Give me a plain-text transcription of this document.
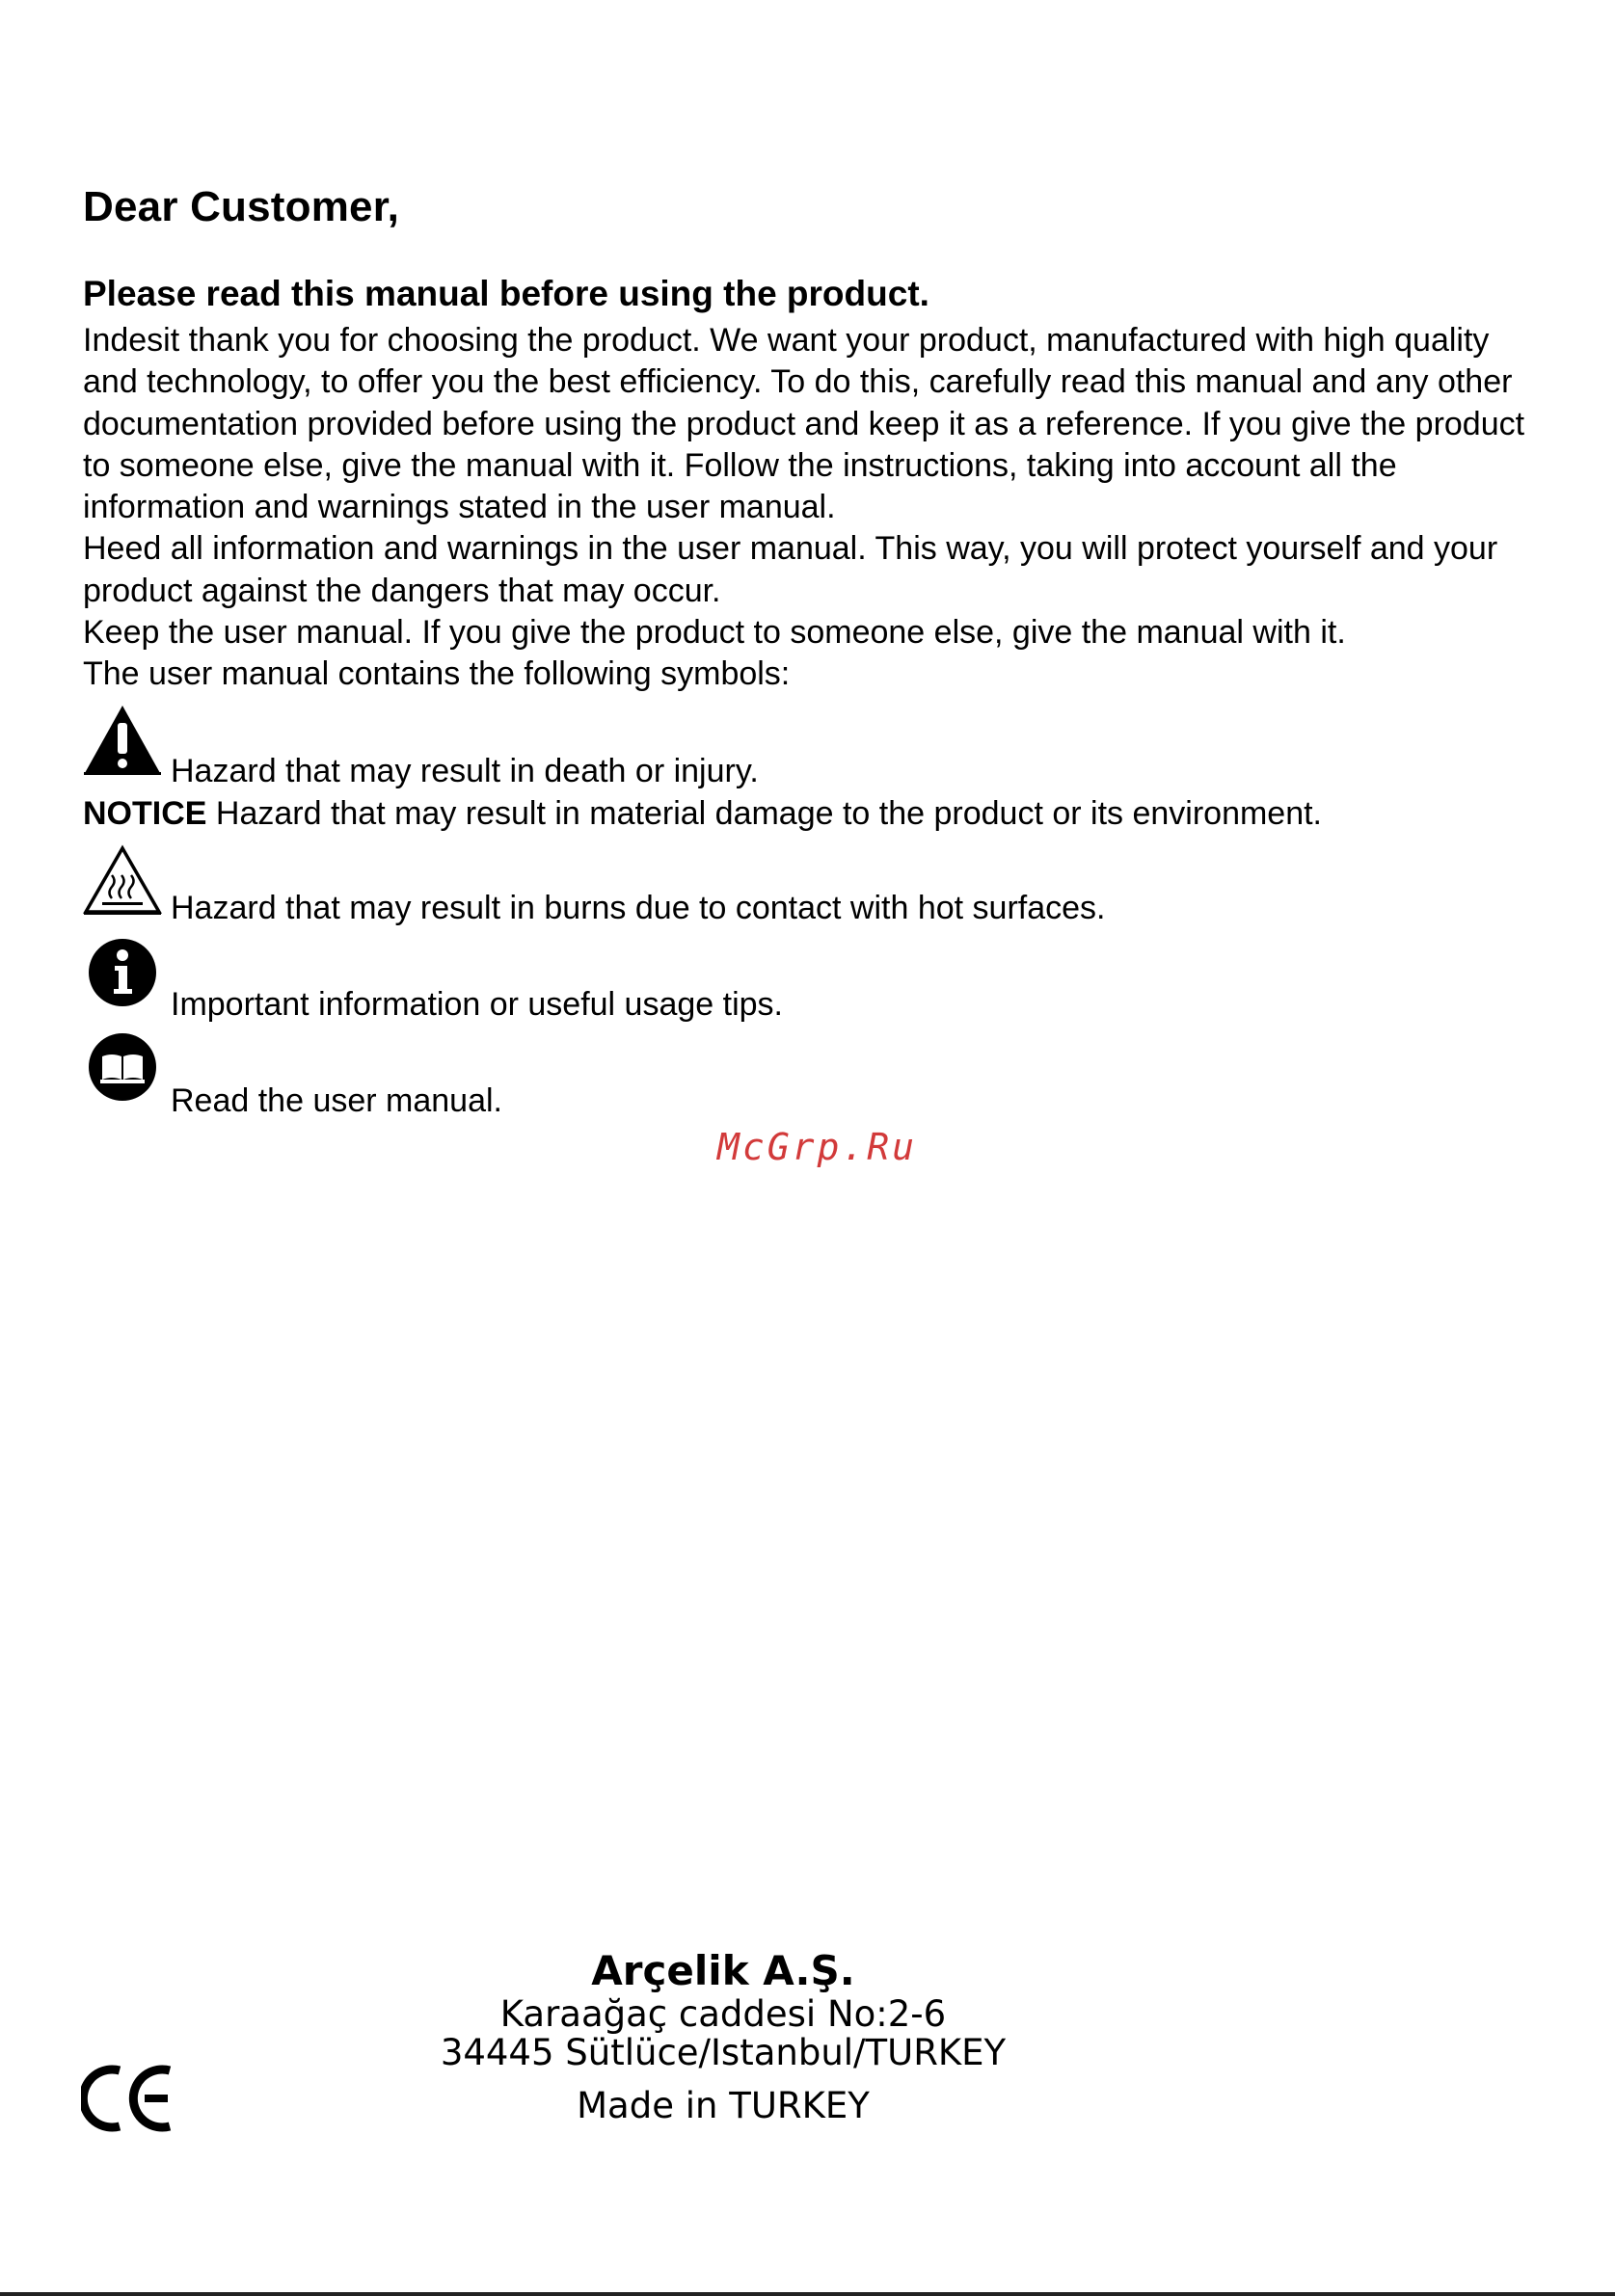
Dear Customer,
Please read this manual before using the product.

Indesit thank you for choosing the product. We want your product, manufactured with high quality and technology, to offer you the best efficiency. To do this, carefully read this manual and any other documentation provided before using the product and keep it as a reference. If you give the product to someone else, give the manual with it. Follow the instructions, taking into account all the information and warnings stated in the user manual.

Heed all information and warnings in the user manual. This way, you will protect yourself and your product against the dangers that may occur.

Keep the user manual. If you give the product to someone else, give the manual with it.

The user manual contains the following symbols:

Hazard that may result in death or injury.
NOTICE Hazard that may result in material damage to the product or its environment.
Hazard that may result in burns due to contact with hot surfaces.
Important information or useful usage tips.
Read the user manual.
McGrp.Ru
Arçelik A.Ş.
Karaağaç caddesi No:2-6
34445 Sütlüce/Istanbul/TURKEY
Made in TURKEY
